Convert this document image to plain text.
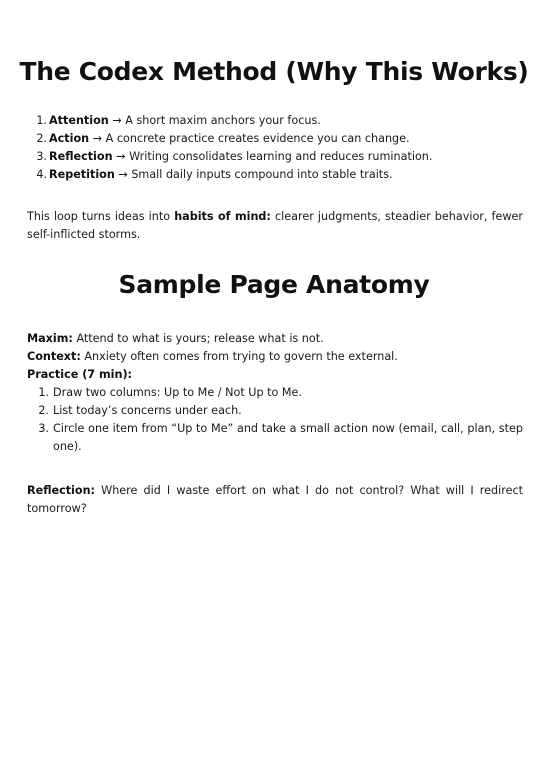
The Codex Method (Why This Works)
1. Attention → A short maxim anchors your focus.
2. Action → A concrete practice creates evidence you can change.
3. Reflection → Writing consolidates learning and reduces rumination.
4. Repetition → Small daily inputs compound into stable traits.

This loop turns ideas into habits of mind: clearer judgments, steadier behavior, fewer self-inflicted storms.

Sample Page Anatomy
Maxim: Attend to what is yours; release what is not.
Context: Anxiety often comes from trying to govern the external.
Practice (7 min):
1. Draw two columns: Up to Me / Not Up to Me.
2. List today’s concerns under each.
3. Circle one item from “Up to Me” and take a small action now (email, call, plan, step one).

Reflection: Where did I waste effort on what I do not control? What will I redirect tomorrow?
